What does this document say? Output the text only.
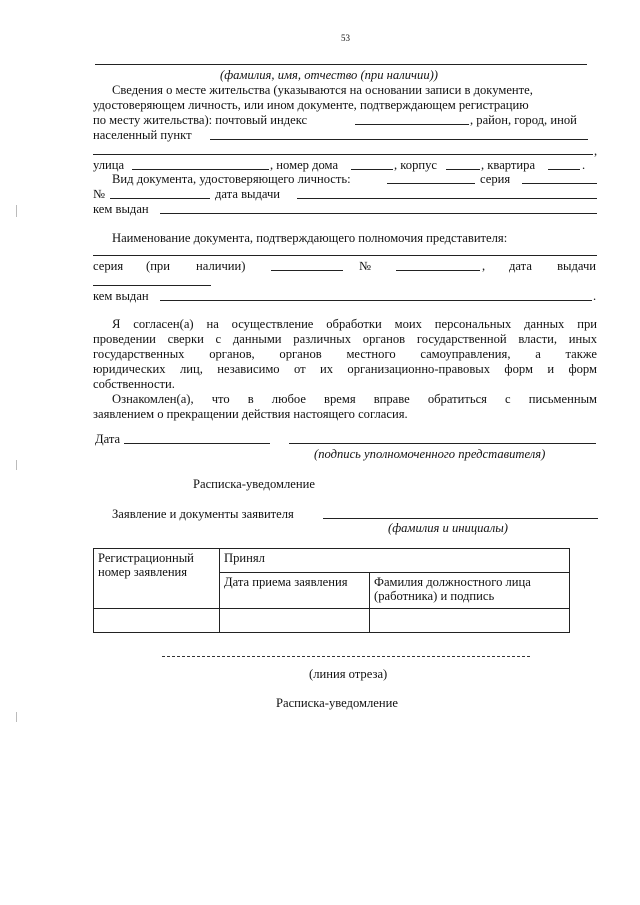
53
(фамилия, имя, отчество (при наличии))
Сведения о месте жительства (указываются на основании записи в документе,
удостоверяющем личность, или ином документе, подтверждающем регистрацию
по месту жительства): почтовый индекс	, район, город, иной
населенный пункт
,
улица	, номер дома	, корпус	, квартира	.
Вид документа, удостоверяющего личность:	серия
№	дата выдачи
кем выдан
Наименование документа, подтверждающего полномочия представителя:
серия (при наличии)	№	, дата выдачи
кем выдан	.
Я согласен(а) на осуществление обработки моих персональных данных при
проведении сверки с данными различных органов государственной власти, иных
государственных органов, органов местного самоуправления, а также
юридических лиц, независимо от их организационно-правовых форм и форм
собственности.
Ознакомлен(а), что в любое время вправе обратиться с письменным
заявлением о прекращении действия настоящего согласия.
Дата
(подпись уполномоченного представителя)
Расписка-уведомление
Заявление и документы заявителя
(фамилия и инициалы)
Регистрационный номер заявления	Принял	
	Дата приема заявления	Фамилия должностного лица (работника) и подпись

(линия отреза)
Расписка-уведомление
